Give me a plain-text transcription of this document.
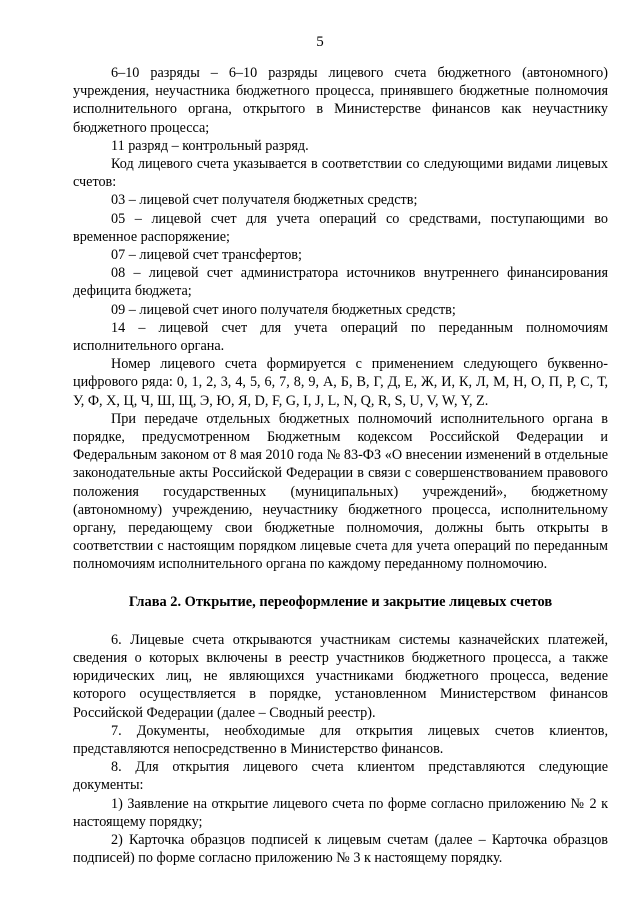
5

6–10 разряды – 6–10 разряды лицевого счета бюджетного (автономного) учреждения, неучастника бюджетного процесса, принявшего бюджетные полномочия исполнительного органа, открытого в Министерстве финансов как неучастнику бюджетного процесса;

11 разряд – контрольный разряд.

Код лицевого счета указывается в соответствии со следующими видами лицевых счетов:

03 – лицевой счет получателя бюджетных средств;

05 – лицевой счет для учета операций со средствами, поступающими во временное распоряжение;

07 – лицевой счет трансфертов;

08 – лицевой счет администратора источников внутреннего финансирования дефицита бюджета;

09 – лицевой счет иного получателя бюджетных средств;

14 – лицевой счет для учета операций по переданным полномочиям исполнительного органа.

Номер лицевого счета формируется с применением следующего буквенно-цифрового ряда: 0, 1, 2, 3, 4, 5, 6, 7, 8, 9, А, Б, В, Г, Д, Е, Ж, И, К, Л, М, Н, О, П, Р, С, Т, У, Ф, Х, Ц, Ч, Ш, Щ, Э, Ю, Я, D, F, G, I, J, L, N, Q, R, S, U, V, W, Y, Z.

При передаче отдельных бюджетных полномочий исполнительного органа в порядке, предусмотренном Бюджетным кодексом Российской Федерации и Федеральным законом от 8 мая 2010 года № 83-ФЗ «О внесении изменений в отдельные законодательные акты Российской Федерации в связи с совершенствованием правового положения государственных (муниципальных) учреждений», бюджетному (автономному) учреждению, неучастнику бюджетного процесса, исполнительному органу, передающему свои бюджетные полномочия, должны быть открыты в соответствии с настоящим порядком лицевые счета для учета операций по переданным полномочиям исполнительного органа по каждому переданному полномочию.

Глава 2. Открытие, переоформление и закрытие лицевых счетов

6. Лицевые счета открываются участникам системы казначейских платежей, сведения о которых включены в реестр участников бюджетного процесса, а также юридических лиц, не являющихся участниками бюджетного процесса, ведение которого осуществляется в порядке, установленном Министерством финансов Российской Федерации (далее – Сводный реестр).

7. Документы, необходимые для открытия лицевых счетов клиентов, представляются непосредственно в Министерство финансов.

8. Для открытия лицевого счета клиентом представляются следующие документы:

1) Заявление на открытие лицевого счета по форме согласно приложению № 2 к настоящему порядку;

2) Карточка образцов подписей к лицевым счетам (далее – Карточка образцов подписей) по форме согласно приложению № 3 к настоящему порядку.
